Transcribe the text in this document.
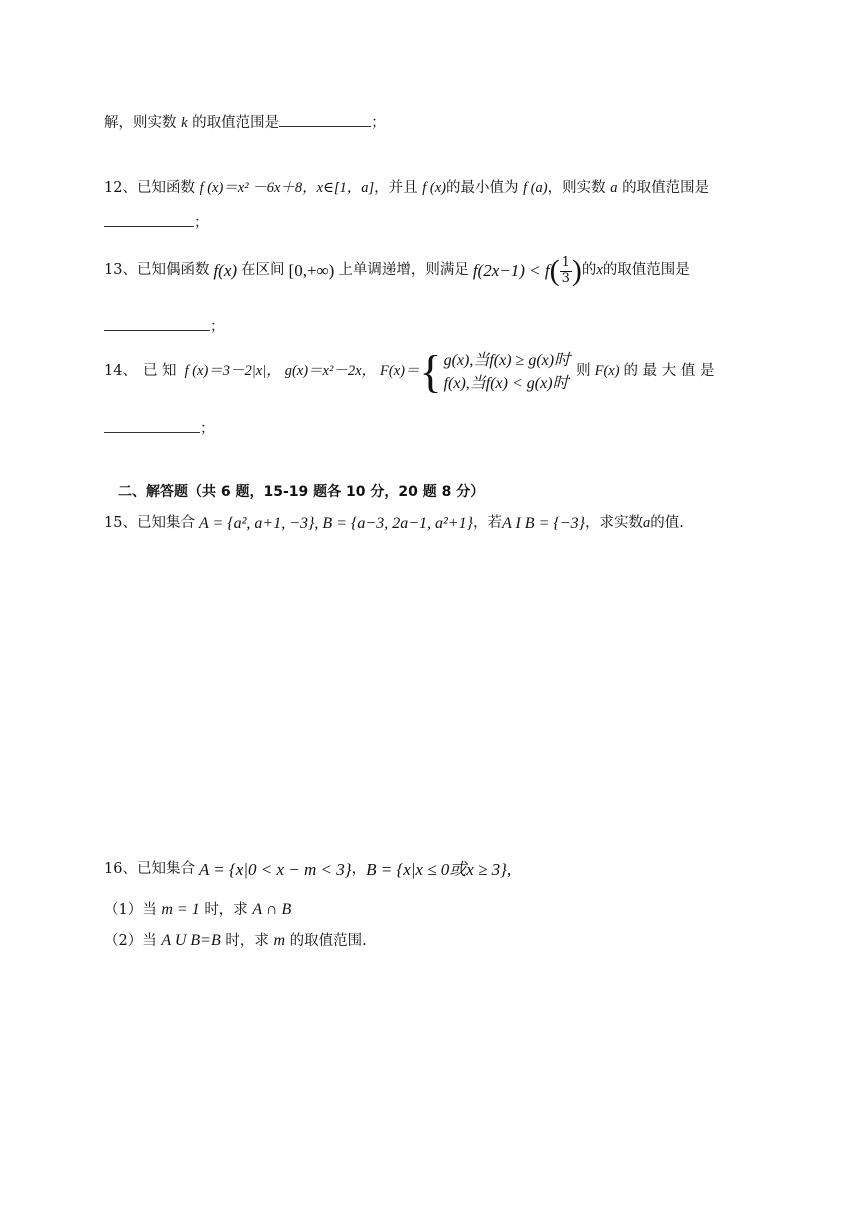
解，则实数 k 的取值范围是	；
12、已知函数 f (x)＝x² －6x＋8，x∈[1，a]，并且 f (x)的最小值为 f (a)，则实数 a 的取值范围是
；
13、 已知偶函数 f(x) 在区间 [0,+∞) 上单调递增，则满足 f(2x−1) < f ( $\frac{1}{3}$ ) 的 x 的取值范围是
；
14、 已 知 f (x)＝3－2|x|， g(x)＝x²－2x， F(x)＝ { g(x),当f(x) ≥ g(x)时
f(x),当f(x) < g(x)时
则 F(x) 的 最 大 值 是
；
二、解答题（共 6 题，15-19 题各 10 分，20 题 8 分）
15、 已知集合 A = {a², a+1, −3}, B = {a−3, 2a−1, a²+1} ，若 A I B = {−3} ，求实数 a 的值.
16、 已知集合 A = {x|0 < x − m < 3} ， B = {x|x ≤ 0或x ≥ 3},
（1）当 m = 1 时，求 A ∩ B
（2）当 A U B=B 时，求 m 的取值范围.
